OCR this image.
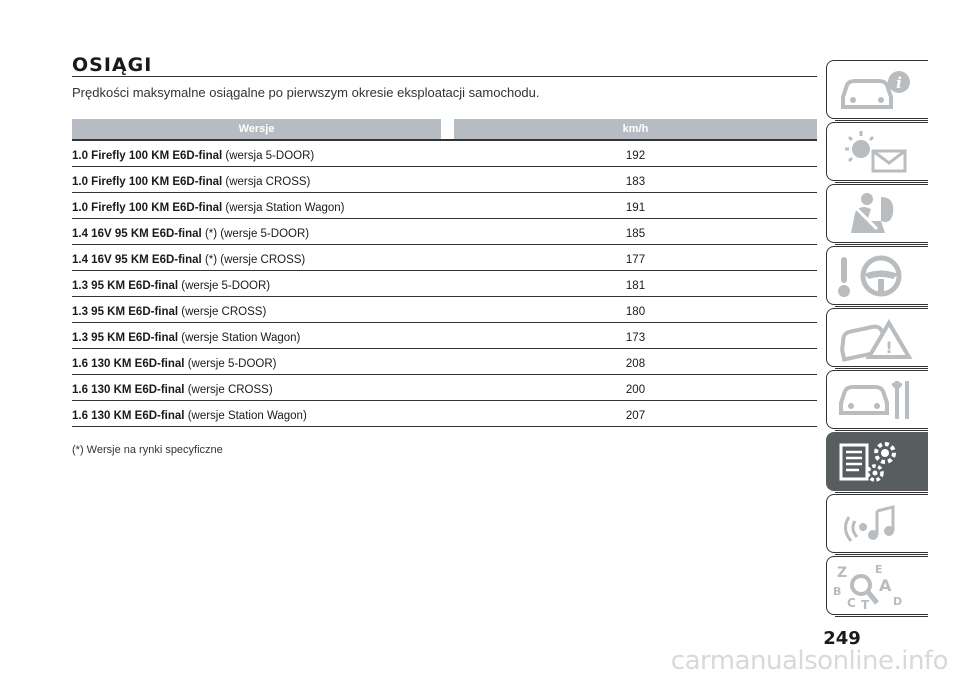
OSIĄGI
Prędkości maksymalne osiągalne po pierwszym okresie eksploatacji samochodu.
Wersje	km/h
1.0 Firefly 100 KM E6D-final (wersja 5-DOOR)	192
1.0 Firefly 100 KM E6D-final (wersja CROSS)	183
1.0 Firefly 100 KM E6D-final (wersja Station Wagon)	191
1.4 16V 95 KM E6D-final (*) (wersje 5-DOOR)	185
1.4 16V 95 KM E6D-final (*) (wersje CROSS)	177
1.3 95 KM E6D-final (wersje 5-DOOR)	181
1.3 95 KM E6D-final (wersje CROSS)	180
1.3 95 KM E6D-final (wersje Station Wagon)	173
1.6 130 KM E6D-final (wersje 5-DOOR)	208
1.6 130 KM E6D-final (wersje CROSS)	200
1.6 130 KM E6D-final (wersje Station Wagon)	207
(*) Wersje na rynki specyficzne
i
!
Z	E
A
B
C T D
249
carmanualsonline.info
